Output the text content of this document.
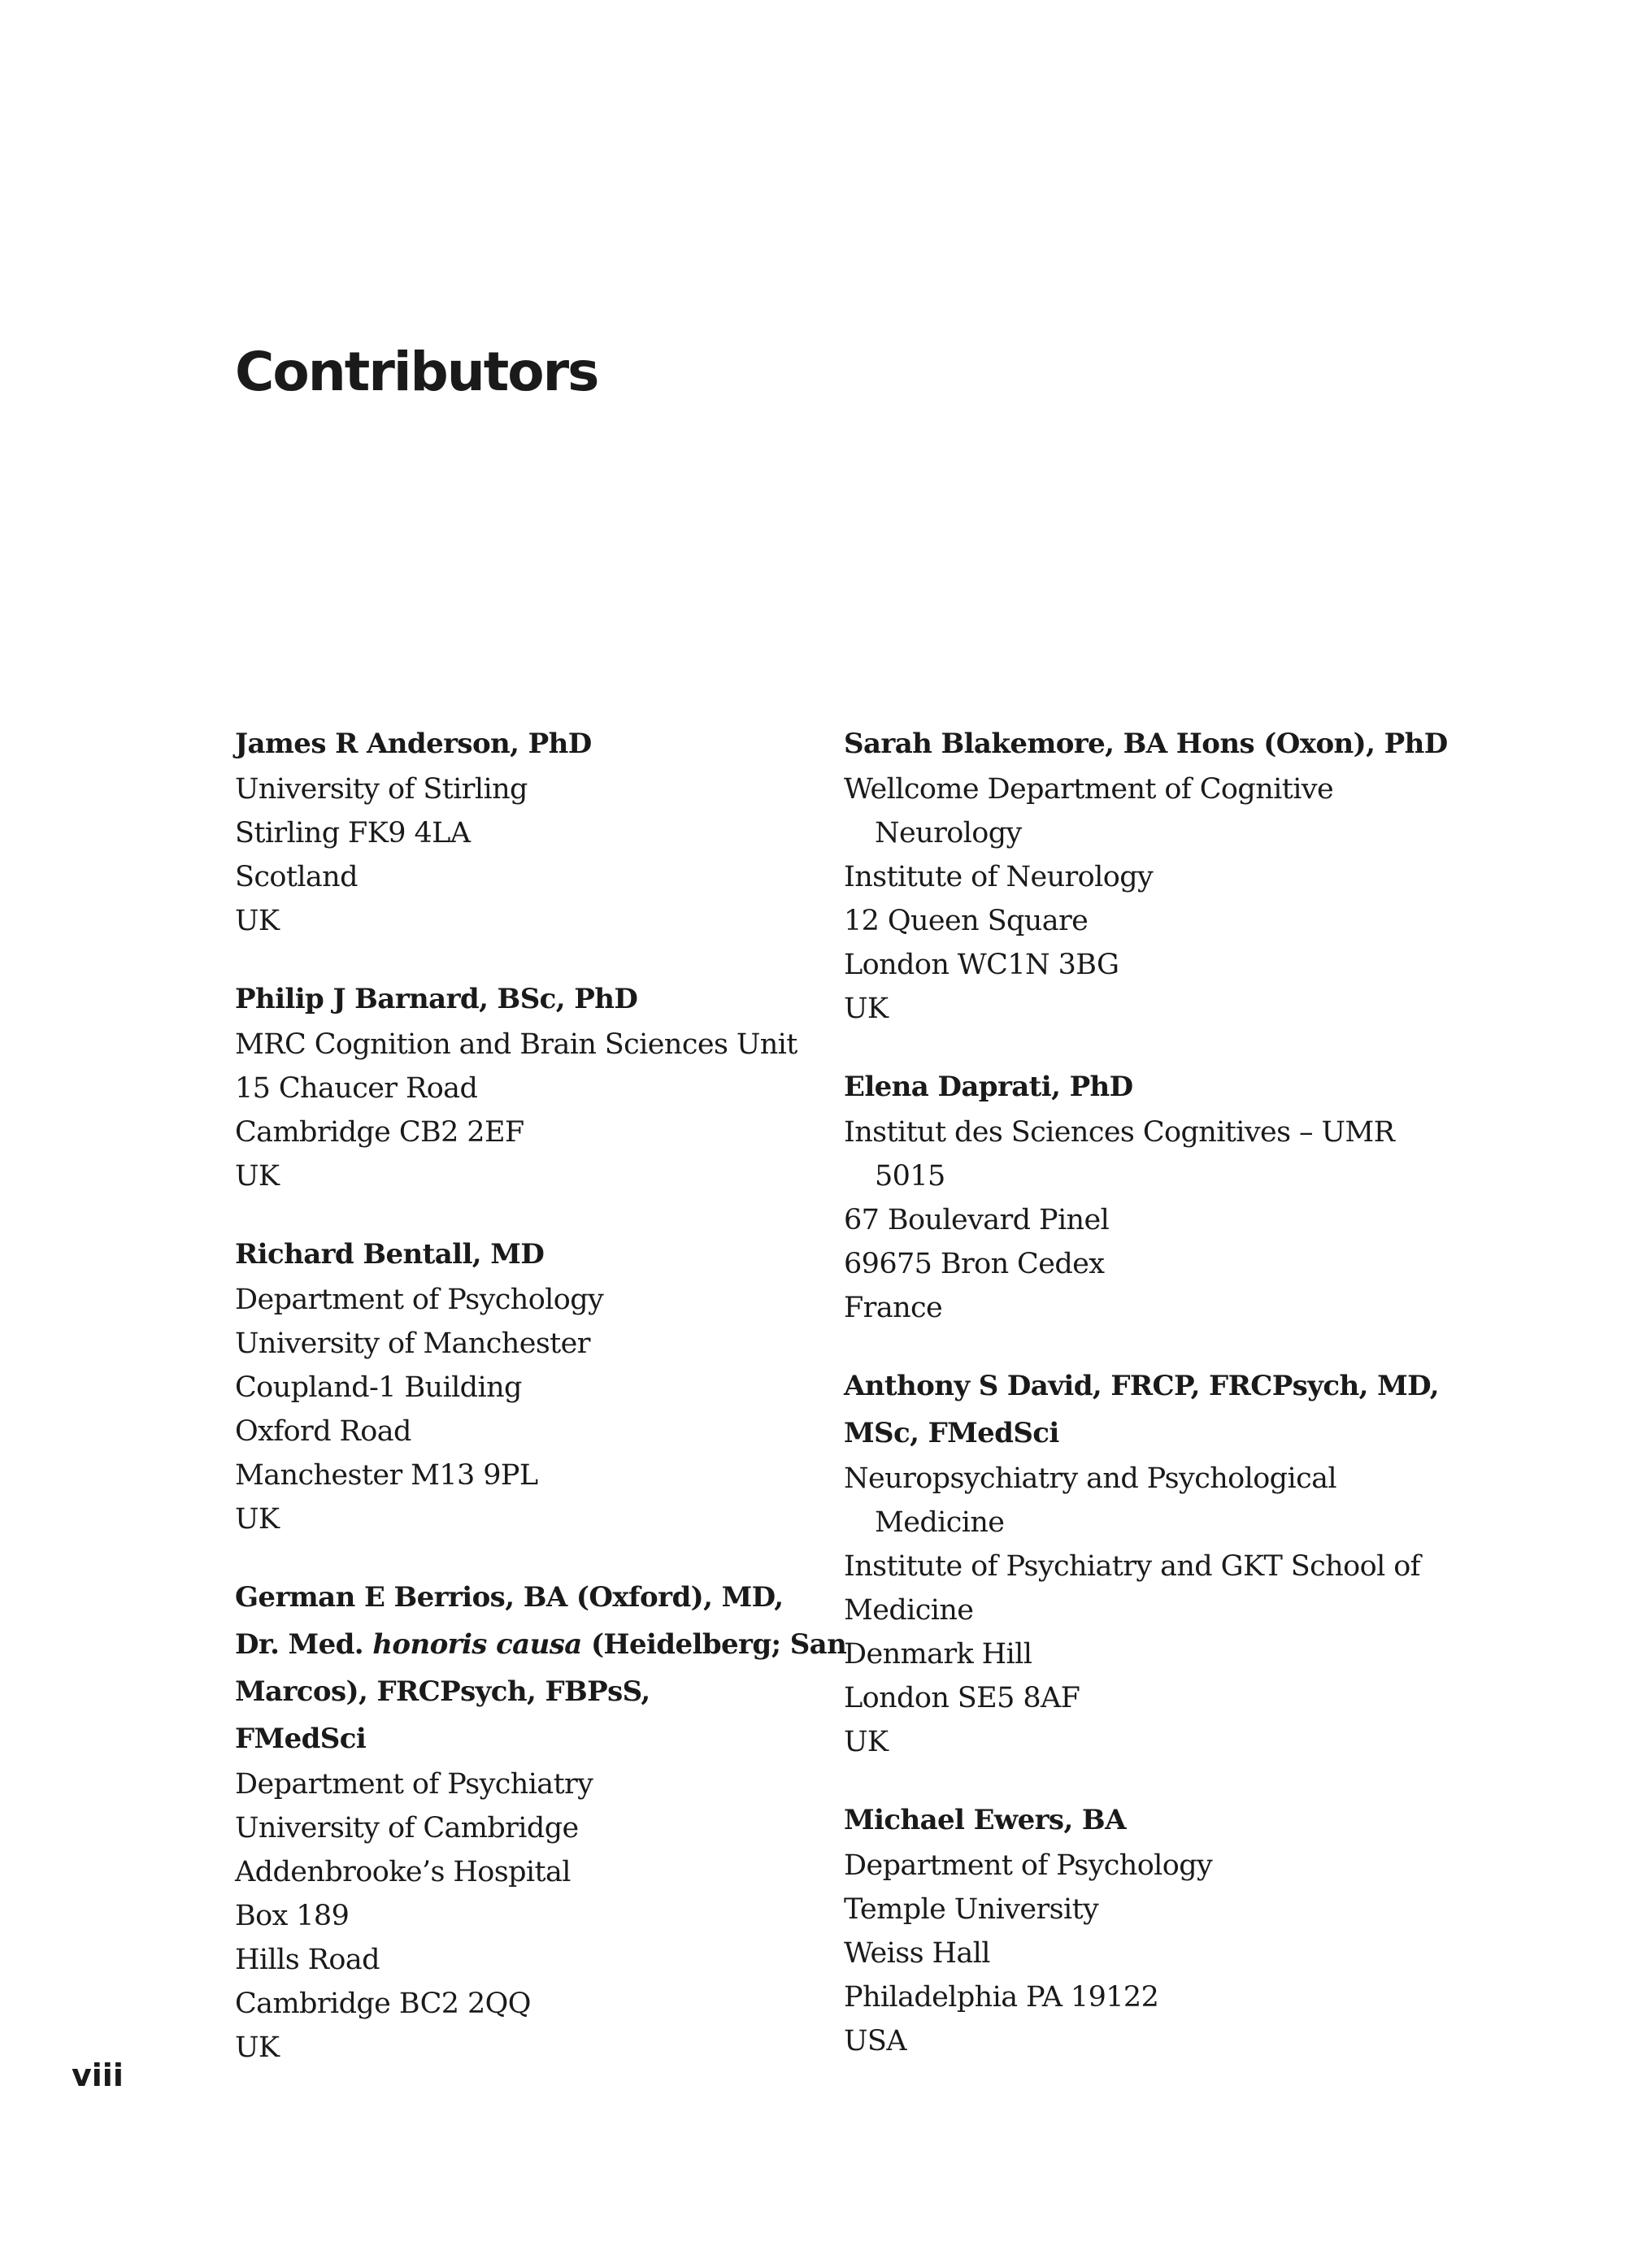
Contributors
James R Anderson, PhD
University of Stirling
Stirling FK9 4LA
Scotland
UK
Philip J Barnard, BSc, PhD
MRC Cognition and Brain Sciences Unit
15 Chaucer Road
Cambridge CB2 2EF
UK
Richard Bentall, MD
Department of Psychology
University of Manchester
Coupland-1 Building
Oxford Road
Manchester M13 9PL
UK
German E Berrios, BA (Oxford), MD,
Dr. Med. honoris causa (Heidelberg; San
Marcos), FRCPsych, FBPsS,
FMedSci
Department of Psychiatry
University of Cambridge
Addenbrooke’s Hospital
Box 189
Hills Road
Cambridge BC2 2QQ
UK
Sarah Blakemore, BA Hons (Oxon), PhD
Wellcome Department of Cognitive
Neurology
Institute of Neurology
12 Queen Square
London WC1N 3BG
UK
Elena Daprati, PhD
Institut des Sciences Cognitives – UMR
5015
67 Boulevard Pinel
69675 Bron Cedex
France
Anthony S David, FRCP, FRCPsych, MD,
MSc, FMedSci
Neuropsychiatry and Psychological
Medicine
Institute of Psychiatry and GKT School of
Medicine
Denmark Hill
London SE5 8AF
UK
Michael Ewers, BA
Department of Psychology
Temple University
Weiss Hall
Philadelphia PA 19122
USA
viii
